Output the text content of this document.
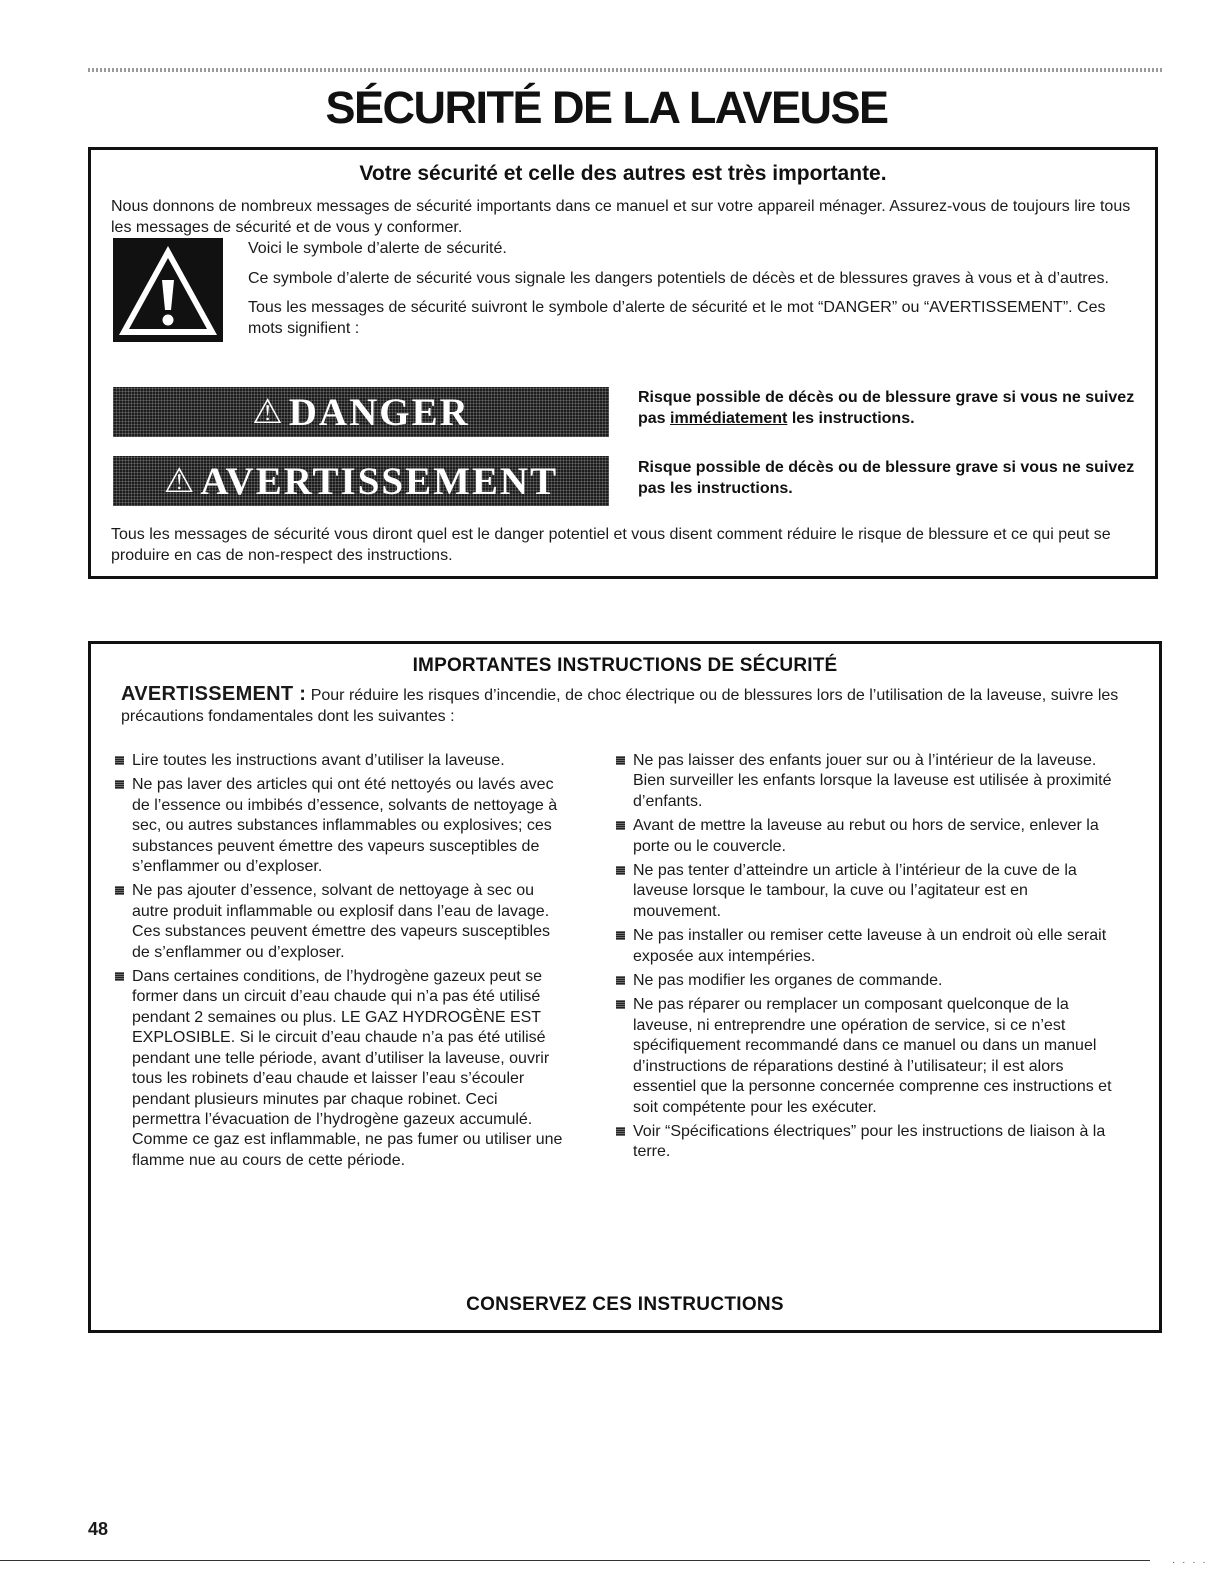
SÉCURITÉ DE LA LAVEUSE
Votre sécurité et celle des autres est très importante.
Nous donnons de nombreux messages de sécurité importants dans ce manuel et sur votre appareil ménager. Assurez-vous de toujours lire tous les messages de sécurité et de vous y conformer.

Voici le symbole d’alerte de sécurité.

Ce symbole d’alerte de sécurité vous signale les dangers potentiels de décès et de blessures graves à vous et à d’autres.

Tous les messages de sécurité suivront le symbole d’alerte de sécurité et le mot “DANGER” ou “AVERTISSEMENT”. Ces mots signifient :

⚠ DANGER	Risque possible de décès ou de blessure grave si vous ne suivez pas immédiatement les instructions.
⚠ AVERTISSEMENT	Risque possible de décès ou de blessure grave si vous ne suivez pas les instructions.
Tous les messages de sécurité vous diront quel est le danger potentiel et vous disent comment réduire le risque de blessure et ce qui peut se produire en cas de non-respect des instructions.
IMPORTANTES INSTRUCTIONS DE SÉCURITÉ
AVERTISSEMENT : Pour réduire les risques d’incendie, de choc électrique ou de blessures lors de l’utilisation de la laveuse, suivre les précautions fondamentales dont les suivantes :
Lire toutes les instructions avant d’utiliser la laveuse.
Ne pas laver des articles qui ont été nettoyés ou lavés avec de l’essence ou imbibés d’essence, solvants de nettoyage à sec, ou autres substances inflammables ou explosives; ces substances peuvent émettre des vapeurs susceptibles de s’enflammer ou d’exploser.
Ne pas ajouter d’essence, solvant de nettoyage à sec ou autre produit inflammable ou explosif dans l’eau de lavage. Ces substances peuvent émettre des vapeurs susceptibles de s’enflammer ou d’exploser.
Dans certaines conditions, de l’hydrogène gazeux peut se former dans un circuit d’eau chaude qui n’a pas été utilisé pendant 2 semaines ou plus. LE GAZ HYDROGÈNE EST EXPLOSIBLE. Si le circuit d’eau chaude n’a pas été utilisé pendant une telle période, avant d’utiliser la laveuse, ouvrir tous les robinets d’eau chaude et laisser l’eau s’écouler pendant plusieurs minutes par chaque robinet. Ceci permettra l’évacuation de l’hydrogène gazeux accumulé. Comme ce gaz est inflammable, ne pas fumer ou utiliser une flamme nue au cours de cette période.
Ne pas laisser des enfants jouer sur ou à l’intérieur de la laveuse. Bien surveiller les enfants lorsque la laveuse est utilisée à proximité d’enfants.
Avant de mettre la laveuse au rebut ou hors de service, enlever la porte ou le couvercle.
Ne pas tenter d’atteindre un article à l’intérieur de la cuve de la laveuse lorsque le tambour, la cuve ou l’agitateur est en mouvement.
Ne pas installer ou remiser cette laveuse à un endroit où elle serait exposée aux intempéries.
Ne pas modifier les organes de commande.
Ne pas réparer ou remplacer un composant quelconque de la laveuse, ni entreprendre une opération de service, si ce n’est spécifiquement recommandé dans ce manuel ou dans un manuel d’instructions de réparations destiné à l’utilisateur; il est alors essentiel que la personne concernée comprenne ces instructions et soit compétente pour les exécuter.
Voir “Spécifications électriques” pour les instructions de liaison à la terre.
CONSERVEZ CES INSTRUCTIONS
48
· · · ·
